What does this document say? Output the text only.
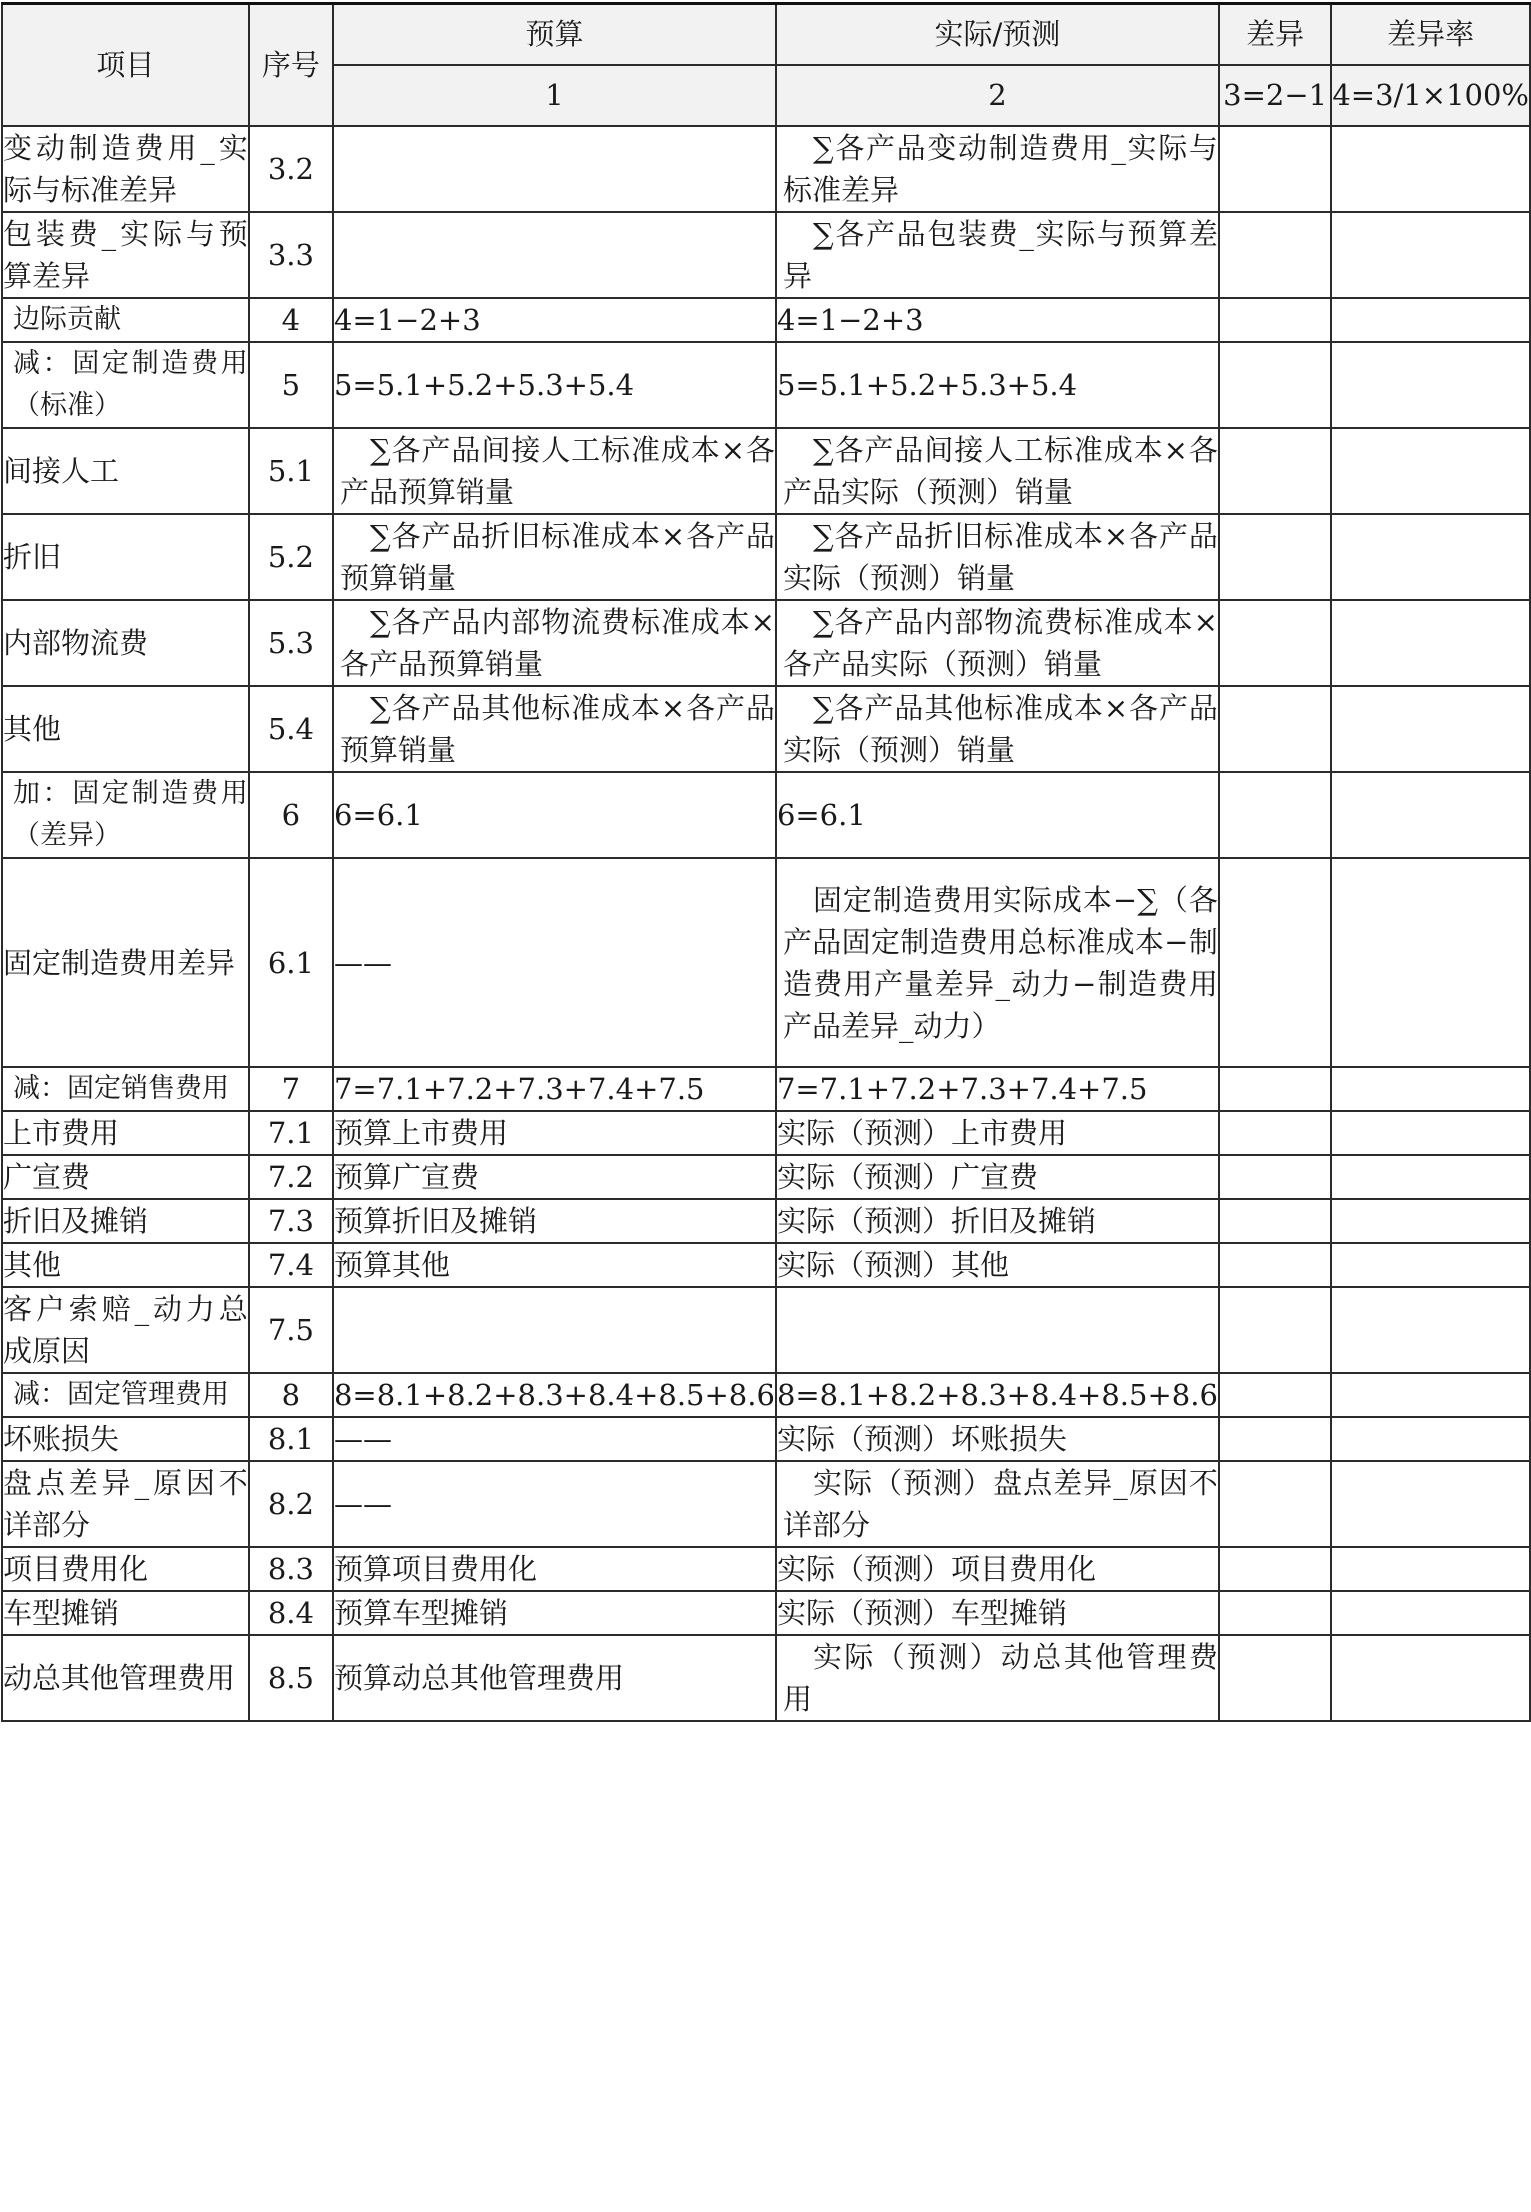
项目	序号	预算	实际/预测	差异	差异率
		1	2	3=2−1	4=3/1×100%
变动制造费用_实际与标准差异	3.2		∑各产品变动制造费用_实际与标准差异		
包装费_实际与预算差异	3.3		∑各产品包装费_实际与预算差异		
边际贡献	4	4=1−2+3	4=1−2+3		
减：固定制造费用（标准）	5	5=5.1+5.2+5.3+5.4	5=5.1+5.2+5.3+5.4		
间接人工	5.1	∑各产品间接人工标准成本×各产品预算销量	∑各产品间接人工标准成本×各产品实际（预测）销量		
折旧	5.2	∑各产品折旧标准成本×各产品预算销量	∑各产品折旧标准成本×各产品实际（预测）销量		
内部物流费	5.3	∑各产品内部物流费标准成本×各产品预算销量	∑各产品内部物流费标准成本×各产品实际（预测）销量		
其他	5.4	∑各产品其他标准成本×各产品预算销量	∑各产品其他标准成本×各产品实际（预测）销量		
加：固定制造费用（差异）	6	6=6.1	6=6.1		
固定制造费用差异	6.1	——	固定制造费用实际成本−∑（各产品固定制造费用总标准成本−制造费用产量差异_动力−制造费用产品差异_动力）		
减：固定销售费用	7	7=7.1+7.2+7.3+7.4+7.5	7=7.1+7.2+7.3+7.4+7.5		
上市费用	7.1	预算上市费用	实际（预测）上市费用		
广宣费	7.2	预算广宣费	实际（预测）广宣费		
折旧及摊销	7.3	预算折旧及摊销	实际（预测）折旧及摊销		
其他	7.4	预算其他	实际（预测）其他		
客户索赔_动力总成原因	7.5				
减：固定管理费用	8	8=8.1+8.2+8.3+8.4+8.5+8.6	8=8.1+8.2+8.3+8.4+8.5+8.6		
坏账损失	8.1	——	实际（预测）坏账损失		
盘点差异_原因不详部分	8.2	——	实际（预测）盘点差异_原因不详部分		
项目费用化	8.3	预算项目费用化	实际（预测）项目费用化		
车型摊销	8.4	预算车型摊销	实际（预测）车型摊销		
动总其他管理费用	8.5	预算动总其他管理费用	实际（预测）动总其他管理费用		
